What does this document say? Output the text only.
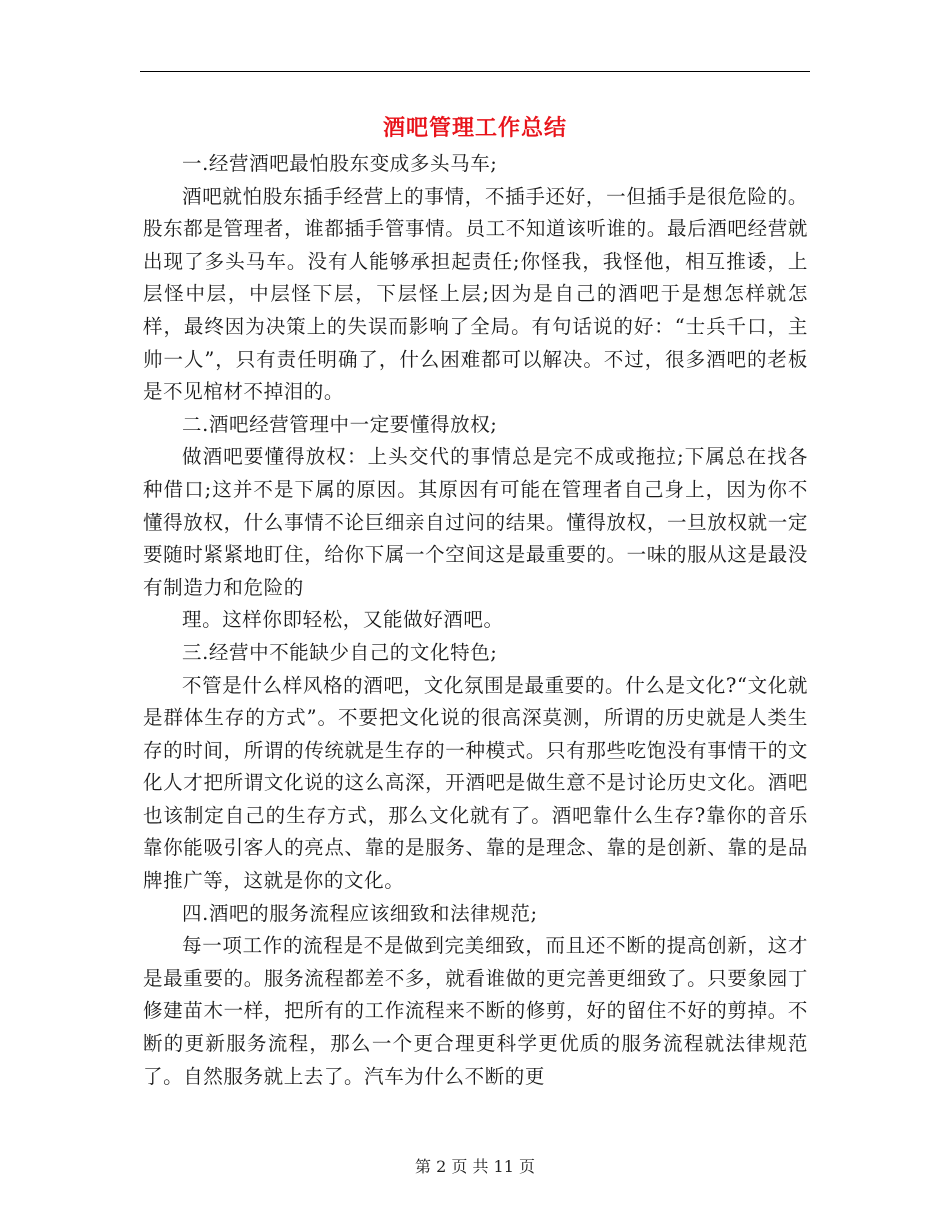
酒吧管理工作总结

一.经营酒吧最怕股东变成多头马车;

酒吧就怕股东插手经营上的事情，不插手还好，一但插手是很危险的。股东都是管理者，谁都插手管事情。员工不知道该听谁的。最后酒吧经营就出现了多头马车。没有人能够承担起责任;你怪我，我怪他，相互推诿，上层怪中层，中层怪下层，下层怪上层;因为是自己的酒吧于是想怎样就怎样，最终因为决策上的失误而影响了全局。有句话说的好：“士兵千口，主帅一人”，只有责任明确了，什么困难都可以解决。不过，很多酒吧的老板是不见棺材不掉泪的。

二.酒吧经营管理中一定要懂得放权;

做酒吧要懂得放权：上头交代的事情总是完不成或拖拉;下属总在找各种借口;这并不是下属的原因。其原因有可能在管理者自己身上，因为你不懂得放权，什么事情不论巨细亲自过问的结果。懂得放权，一旦放权就一定要随时紧紧地盯住，给你下属一个空间这是最重要的。一味的服从这是最没有制造力和危险的

理。这样你即轻松，又能做好酒吧。

三.经营中不能缺少自己的文化特色;

不管是什么样风格的酒吧，文化氛围是最重要的。什么是文化?“文化就是群体生存的方式”。不要把文化说的很高深莫测，所谓的历史就是人类生存的时间，所谓的传统就是生存的一种模式。只有那些吃饱没有事情干的文化人才把所谓文化说的这么高深，开酒吧是做生意不是讨论历史文化。酒吧也该制定自己的生存方式，那么文化就有了。酒吧靠什么生存?靠你的音乐靠你能吸引客人的亮点、靠的是服务、靠的是理念、靠的是创新、靠的是品牌推广等，这就是你的文化。

四.酒吧的服务流程应该细致和法律规范;

每一项工作的流程是不是做到完美细致，而且还不断的提高创新，这才是最重要的。服务流程都差不多，就看谁做的更完善更细致了。只要象园丁修建苗木一样，把所有的工作流程来不断的修剪，好的留住不好的剪掉。不断的更新服务流程，那么一个更合理更科学更优质的服务流程就法律规范了。自然服务就上去了。汽车为什么不断的更

第 2 页 共 11 页
